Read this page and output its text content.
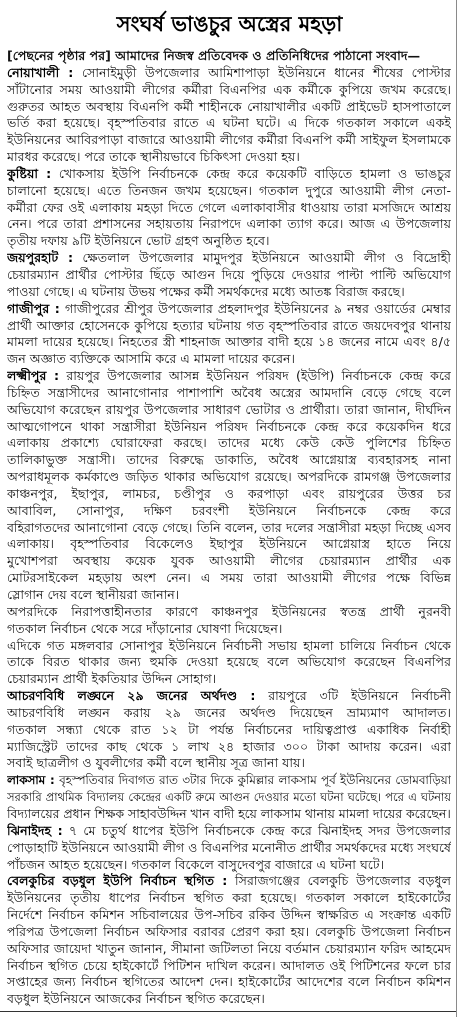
সংঘর্ষ ভাঙচুর অস্ত্রের মহড়া
[পেছনের পৃষ্ঠার পর] আমাদের নিজস্ব প্রতিবেদক ও প্রতিনিধিদের পাঠানো সংবাদ—
নোয়াখালী : সোনাইমুড়ী উপজেলার আমিশাপাড়া ইউনিয়নে ধানের শীষের পোস্টার
সাঁটানোর সময় আওয়ামী লীগের কর্মীরা বিএনপির এক কর্মীকে কুপিয়ে জখম করেছে।
গুরুতর আহত অবস্থায় বিএনপি কর্মী শাহীনকে নোয়াখালীর একটি প্রাইভেট হাসপাতালে
ভর্তি করা হয়েছে। বৃহস্পতিবার রাতে এ ঘটনা ঘটে। এ দিকে গতকাল সকালে একই
ইউনিয়নের আবিরপাড়া বাজারে আওয়ামী লীগের কর্মীরা বিএনপি কর্মী সাইফুল ইসলামকে
মারধর করেছে। পরে তাকে স্থানীয়ভাবে চিকিৎসা দেওয়া হয়।
কুষ্টিয়া : খোকসায় ইউপি নির্বাচনকে কেন্দ্র করে কয়েকটি বাড়িতে হামলা ও ভাঙচুর
চালানো হয়েছে। এতে তিনজন জখম হয়েছেন। গতকাল দুপুরে আওয়ামী লীগ নেতা-
কর্মীরা ফের ওই এলাকায় মহড়া দিতে গেলে এলাকাবাসীর ধাওয়ায় তারা মসজিদে আশ্রয়
নেন। পরে তারা প্রশাসনের সহায়তায় নিরাপদে এলাকা ত্যাগ করে। আজ এ উপজেলায়
তৃতীয় দফায় ৯টি ইউনিয়নে ভোট গ্রহণ অনুষ্ঠিত হবে।
জয়পুরহাট : ক্ষেতলাল উপজেলার মামুদপুর ইউনিয়নে আওয়ামী লীগ ও বিদ্রোহী
চেয়ারম্যান প্রার্থীর পোস্টার ছিঁড়ে আগুন দিয়ে পুড়িয়ে দেওয়ার পাল্টা পাল্টি অভিযোগ
পাওয়া গেছে। এ ঘটনায় উভয় পক্ষের কর্মী সমর্থকদের মধ্যে আতঙ্ক বিরাজ করছে।
গাজীপুর : গাজীপুরের শ্রীপুর উপজেলার প্রহলাদপুর ইউনিয়নের ৯ নম্বর ওয়ার্ডের মেম্বার
প্রার্থী আক্তার হোসেনকে কুপিয়ে হত্যার ঘটনায় গত বৃহস্পতিবার রাতে জয়দেবপুর থানায়
মামলা দায়ের হয়েছে। নিহতের স্ত্রী শাহনাজ আক্তার বাদী হয়ে ১৪ জনের নামে এবং ৪/৫
জন অজ্ঞাত ব্যক্তিকে আসামি করে এ মামলা দায়ের করেন।
লক্ষ্মীপুর : রায়পুর উপজেলার আসন্ন ইউনিয়ন পরিষদ (ইউপি) নির্বাচনকে কেন্দ্র করে
চিহ্নিত সন্ত্রাসীদের আনাগোনার পাশাপাশি অবৈধ অস্ত্রের আমদানি বেড়ে গেছে বলে
অভিযোগ করেছেন রায়পুর উপজেলার সাধারণ ভোটার ও প্রার্থীরা। তারা জানান, দীর্ঘদিন
আত্মগোপনে থাকা সন্ত্রাসীরা ইউনিয়ন পরিষদ নির্বাচনকে কেন্দ্র করে কয়েকদিন ধরে
এলাকায় প্রকাশ্যে ঘোরাফেরা করছে। তাদের মধ্যে কেউ কেউ পুলিশের চিহ্নিত
তালিকাভুক্ত সন্ত্রাসী। তাদের বিরুদ্ধে ডাকাতি, অবৈধ আগ্নেয়াস্ত্র ব্যবহারসহ নানা
অপরাধমূলক কর্মকাণ্ডে জড়িত থাকার অভিযোগ রয়েছে। অপরদিকে রামগঞ্জ উপজেলার
কাঞ্চনপুর, ইছাপুর, লামচর, চণ্ডীপুর ও করপাড়া এবং রায়পুরের উত্তর চর
আবাবিল, সোনাপুর, দক্ষিণ চরবংশী ইউনিয়নে নির্বাচনকে কেন্দ্র করে
বহিরাগতদের আনাগোনা বেড়ে গেছে। তিনি বলেন, তার দলের সন্ত্রাসীরা মহড়া দিচ্ছে এসব
এলাকায়। বৃহস্পতিবার বিকেলেও ইছাপুর ইউনিয়নে আগ্নেয়াস্ত্র হাতে নিয়ে
মুখোশপরা অবস্থায় কয়েক যুবক আওয়ামী লীগের চেয়ারম্যান প্রার্থীর এক
মোটরসাইকেল মহড়ায় অংশ নেন। এ সময় তারা আওয়ামী লীগের পক্ষে বিভিন্ন
স্লোগান দেয় বলে স্থানীয়রা জানান।
অপরদিকে নিরাপত্তাহীনতার কারণে কাঞ্চনপুর ইউনিয়নের স্বতন্ত্র প্রার্থী নুরনবী
গতকাল নির্বাচন থেকে সরে দাঁড়ানোর ঘোষণা দিয়েছেন।
এদিকে গত মঙ্গলবার সোনাপুর ইউনিয়নে নির্বাচনী সভায় হামলা চালিয়ে নির্বাচন থেকে
তাকে বিরত থাকার জন্য হুমকি দেওয়া হয়েছে বলে অভিযোগ করেছেন বিএনপির
চেয়ারম্যান প্রার্থী ইকতিয়ার উদ্দিন সোহাগ।
আচরণবিধি লঙ্ঘনে ২৯ জনের অর্থদণ্ড : রায়পুরে ৩টি ইউনিয়নে নির্বাচনী
আচরণবিধি লঙ্ঘন করায় ২৯ জনের অর্থদণ্ড দিয়েছেন ভ্রাম্যমাণ আদালত।
গতকাল সন্ধ্যা থেকে রাত ১২ টা পর্যন্ত নির্বাচনের দায়িত্বপ্রাপ্ত একাধিক নির্বাহী
ম্যাজিস্ট্রেট তাদের কাছ থেকে ১ লাখ ২৪ হাজার ৩০০ টাকা আদায় করেন। এরা
সবাই ছাত্রলীগ ও যুবলীগের কর্মী বলে স্থানীয় সূত্র জানা যায়।
লাকসাম : বৃহস্পতিবার দিবাগত রাত ৩টার দিকে কুমিল্লার লাকসাম পূর্ব ইউনিয়নের ডোমবাড়িয়া
সরকারি প্রাথমিক বিদ্যালয় কেন্দ্রের একটি রুমে আগুন দেওয়ার মতো ঘটনা ঘটেছে। পরে এ ঘটনায়
বিদ্যালয়ের প্রধান শিক্ষক সাহাবউদ্দিন খান বাদী হয়ে লাকসাম থানায় মামলা দায়ের করেছেন।
ঝিনাইদহ : ৭ মে চতুর্থ ধাপের ইউপি নির্বাচনকে কেন্দ্র করে ঝিনাইদহ সদর উপজেলার
পোড়াহাটি ইউনিয়নে আওয়ামী লীগ ও বিএনপির মনোনীত প্রার্থীর সমর্থকদের মধ্যে সংঘর্ষে
পাঁচজন আহত হয়েছেন। গতকাল বিকেলে বাসুদেবপুর বাজারে এ ঘটনা ঘটে।
বেলকুচির বড়ধুল ইউপি নির্বাচন স্থগিত : সিরাজগঞ্জের বেলকুচি উপজেলার বড়ধুল
ইউনিয়নের তৃতীয় ধাপের নির্বাচন স্থগিত করা হয়েছে। গতকাল সকালে হাইকোর্টের
নির্দেশে নির্বাচন কমিশন সচিবালয়ের উপ-সচিব রকিব উদ্দিন স্বাক্ষরিত এ সংক্রান্ত একটি
পরিপত্র উপজেলা নির্বাচন অফিসার বরাবর প্রেরণ করা হয়। বেলকুচি উপজেলা নির্বাচন
অফিসার জায়েদা খাতুন জানান, সীমানা জটিলতা নিয়ে বর্তমান চেয়ারম্যান ফরিদ আহমেদ
নির্বাচন স্থগিত চেয়ে হাইকোর্টে পিটিশন দাখিল করেন। আদালত ওই পিটিশনের ফলে চার
সপ্তাহের জন্য নির্বাচন স্থগিতের আদেশ দেন। হাইকোর্টের আদেশের বলে নির্বাচন কমিশন
বড়ধুল ইউনিয়নে আজকের নির্বাচন স্থগিত করেছেন।
